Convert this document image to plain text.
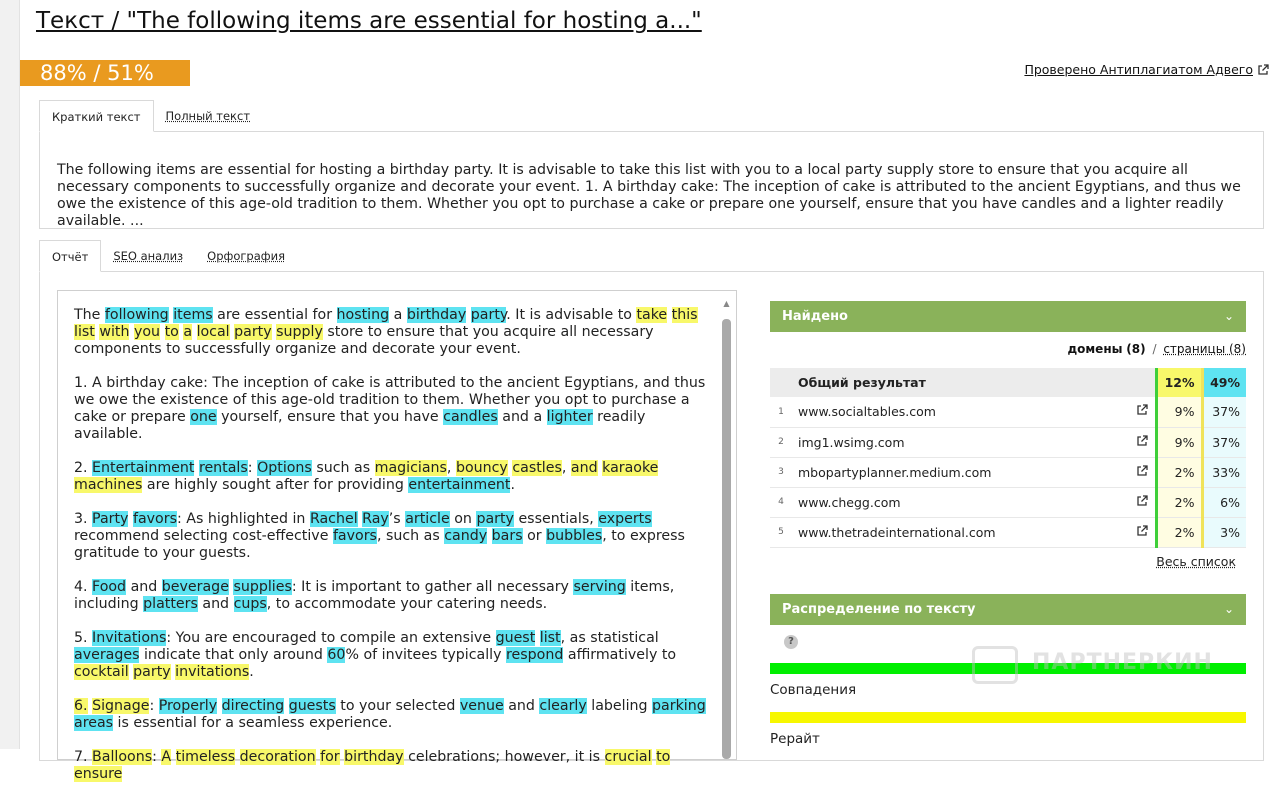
Текст / "The following items are essential for hosting a..."
88% / 51%	Проверено Антиплагиатом Адвего
Краткий текст	Полный текст
The following items are essential for hosting a birthday party. It is advisable to take this list with you to a local party supply store to ensure that you acquire all necessary components to successfully organize and decorate your event. 1. A birthday cake: The inception of cake is attributed to the ancient Egyptians, and thus we owe the existence of this age-old tradition to them. Whether you opt to purchase a cake or prepare one yourself, ensure that you have candles and a lighter readily available. ...
Отчёт	SEO анализ	Орфография

The following items are essential for hosting a birthday party. It is advisable to take this list with you to a local party supply store to ensure that you acquire all necessary components to successfully organize and decorate your event.

1. A birthday cake: The inception of cake is attributed to the ancient Egyptians, and thus we owe the existence of this age-old tradition to them. Whether you opt to purchase a cake or prepare one yourself, ensure that you have candles and a lighter readily available.

2. Entertainment rentals: Options such as magicians, bouncy castles, and karaoke machines are highly sought after for providing entertainment.

3. Party favors: As highlighted in Rachel Ray’s article on party essentials, experts recommend selecting cost-effective favors, such as candy bars or bubbles, to express gratitude to your guests.

4. Food and beverage supplies: It is important to gather all necessary serving items, including platters and cups, to accommodate your catering needs.

5. Invitations: You are encouraged to compile an extensive guest list, as statistical averages indicate that only around 60% of invitees typically respond affirmatively to cocktail party invitations.

6. Signage: Properly directing guests to your selected venue and clearly labeling parking areas is essential for a seamless experience.

7. Balloons: A timeless decoration for birthday celebrations; however, it is crucial to ensure

▲
Найдено	⌄
домены (8) / страницы (8)
	Общий результат		12%	49%
1	www.socialtables.com		9%	37%
2	img1.wsimg.com		9%	37%
3	mbopartyplanner.medium.com		2%	33%
4	www.chegg.com		2%	6%
5	www.thetradeinternational.com		2%	3%
Весь список
Распределение по тексту	⌄
?
Совпадения
Рерайт
ПАРТНЕРКИН
